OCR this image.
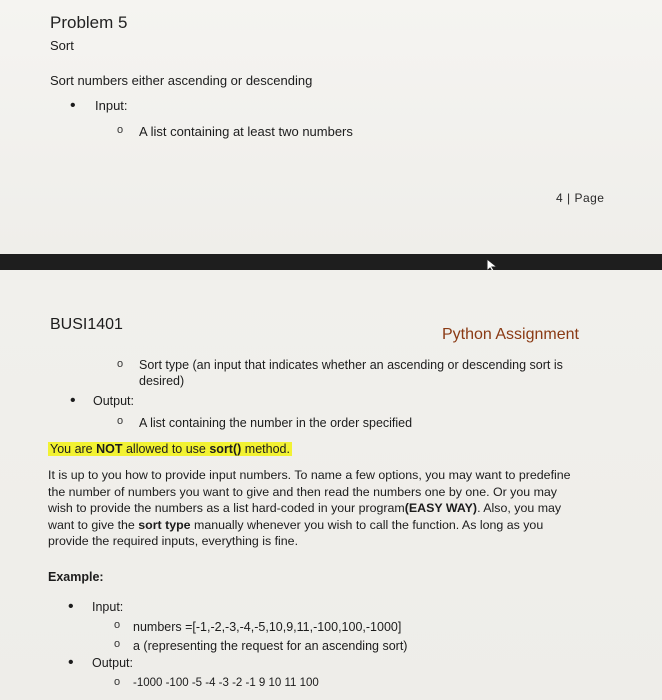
Problem 5
Sort
Sort numbers either ascending or descending
• Input:
o A list containing at least two numbers
4 | Page
BUSI1401
Python Assignment
o Sort type (an input that indicates whether an ascending or descending sort is
desired)
• Output:
o A list containing the number in the order specified
You are NOT allowed to use sort() method.
It is up to you how to provide input numbers. To name a few options, you may want to predefine
the number of numbers you want to give and then read the numbers one by one. Or you may
wish to provide the numbers as a list hard-coded in your program(EASY WAY). Also, you may
want to give the sort type manually whenever you wish to call the function. As long as you
provide the required inputs, everything is fine.
Example:
• Input:
o numbers =[-1,-2,-3,-4,-5,10,9,11,-100,100,-1000]
o a (representing the request for an ascending sort)
• Output:
o -1000 -100 -5 -4 -3 -2 -1 9 10 11 100
